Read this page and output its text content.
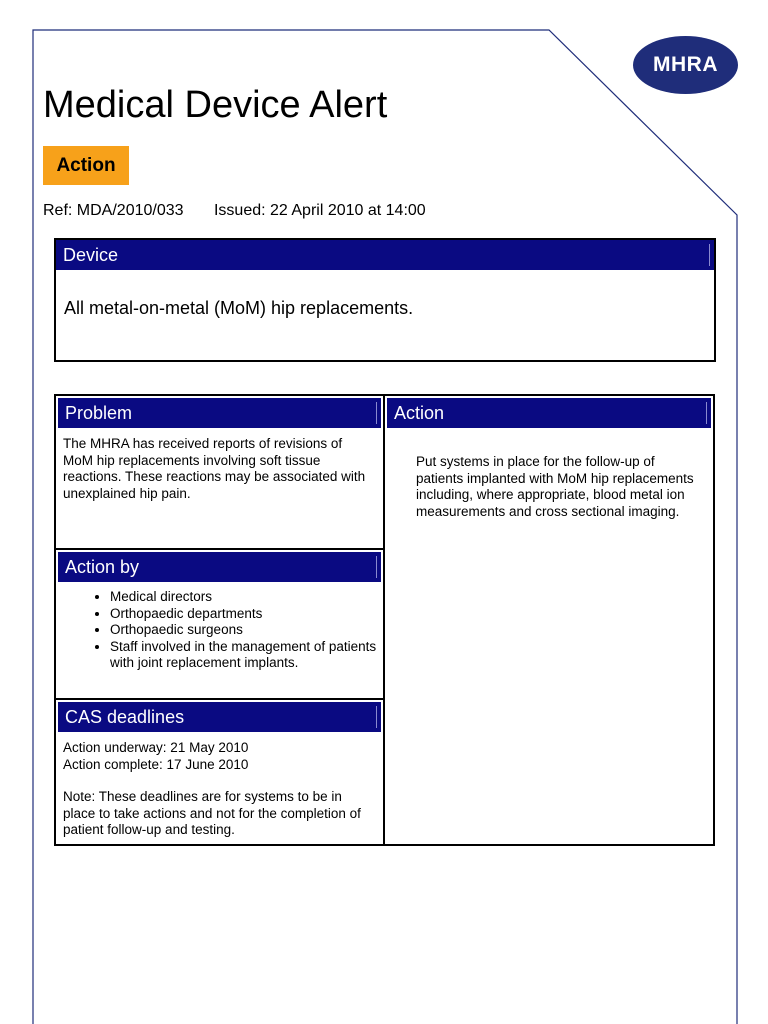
MHRA
Medical Device Alert
Action
Ref: MDA/2010/033 Issued: 22 April 2010 at 14:00
Device
All metal-on-metal (MoM) hip replacements.
Problem
The MHRA has received reports of revisions of MoM hip replacements involving soft tissue reactions. These reactions may be associated with unexplained hip pain.
Action by
• Medical directors
• Orthopaedic departments
• Orthopaedic surgeons
• Staff involved in the management of patients with joint replacement implants.
CAS deadlines
Action underway: 21 May 2010
Action complete: 17 June 2010
Note: These deadlines are for systems to be in place to take actions and not for the completion of patient follow-up and testing.
Action
Put systems in place for the follow-up of patients implanted with MoM hip replacements including, where appropriate, blood metal ion measurements and cross sectional imaging.
